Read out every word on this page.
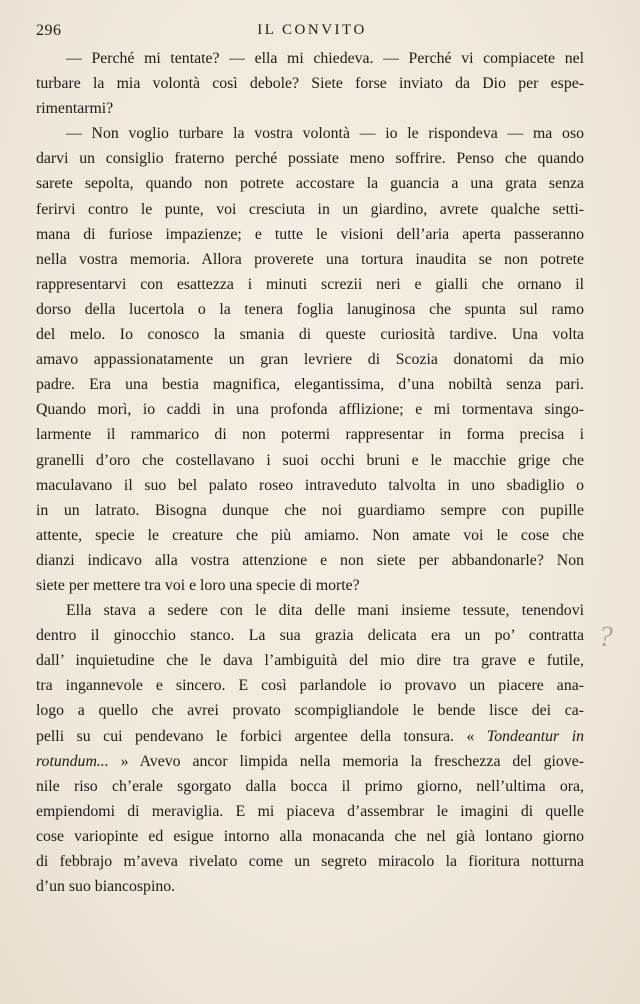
296	IL CONVITO
— Perché mi tentate? — ella mi chiedeva. — Perché vi compiacete nel
turbare la mia volontà così debole? Siete forse inviato da Dio per espe-
rimentarmi?
— Non voglio turbare la vostra volontà — io le rispondeva — ma oso
darvi un consiglio fraterno perché possiate meno soffrire. Penso che quando
sarete sepolta, quando non potrete accostare la guancia a una grata senza
ferirvi contro le punte, voi cresciuta in un giardino, avrete qualche setti-
mana di furiose impazienze; e tutte le visioni dell’aria aperta passeranno
nella vostra memoria. Allora proverete una tortura inaudita se non potrete
rappresentarvi con esattezza i minuti screzii neri e gialli che ornano il
dorso della lucertola o la tenera foglia lanuginosa che spunta sul ramo
del melo. Io conosco la smania di queste curiosità tardive. Una volta
amavo appassionatamente un gran levriere di Scozia donatomi da mio
padre. Era una bestia magnifica, elegantissima, d’una nobiltà senza pari.
Quando morì, io caddi in una profonda afflizione; e mi tormentava singo-
larmente il rammarico di non potermi rappresentar in forma precisa i
granelli d’oro che costellavano i suoi occhi bruni e le macchie grige che
maculavano il suo bel palato roseo intraveduto talvolta in uno sbadiglio o
in un latrato. Bisogna dunque che noi guardiamo sempre con pupille
attente, specie le creature che più amiamo. Non amate voi le cose che
dianzi indicavo alla vostra attenzione e non siete per abbandonarle? Non
siete per mettere tra voi e loro una specie di morte?
Ella stava a sedere con le dita delle mani insieme tessute, tenendovi
dentro il ginocchio stanco. La sua grazia delicata era un po’ contratta
dall’ inquietudine che le dava l’ambiguità del mio dire tra grave e futile,
tra ingannevole e sincero. E così parlandole io provavo un piacere ana-
logo a quello che avrei provato scompigliandole le bende lisce dei ca-
pelli su cui pendevano le forbici argentee della tonsura. « Tondeantur in
rotundum... » Avevo ancor limpida nella memoria la freschezza del giove-
nile riso ch’erale sgorgato dalla bocca il primo giorno, nell’ultima ora,
empiendomi di meraviglia. E mi piaceva d’assembrar le imagini di quelle
cose variopinte ed esigue intorno alla monacanda che nel già lontano giorno
di febbrajo m’aveva rivelato come un segreto miracolo la fioritura notturna
d’un suo biancospino.
?
